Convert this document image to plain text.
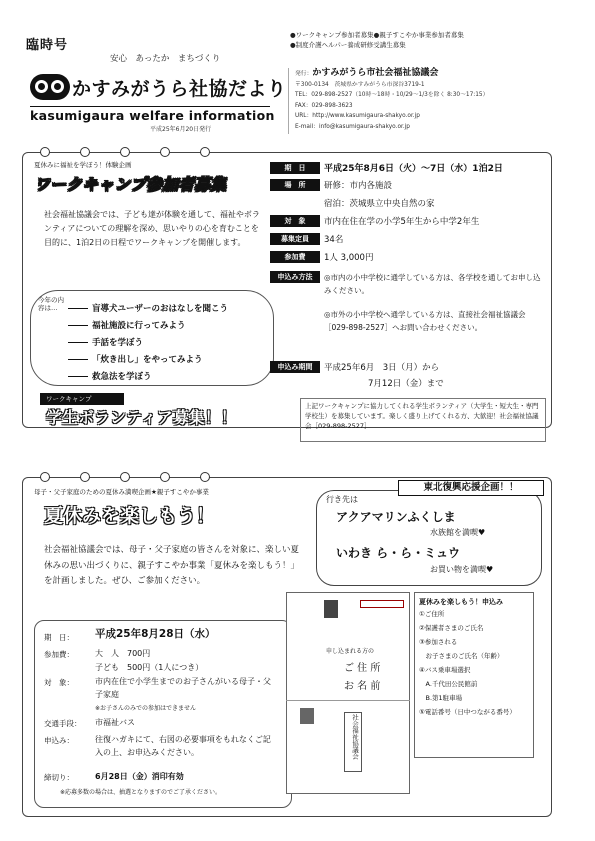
臨時号
安心　あったか　まちづくり
かすみがうら社協だより
kasumigaura welfare information
平成25年6月20日発行
●ワークキャンプ参加者募集●親子すこやか事業参加者募集
●制度介護ヘルパー養成研修受講生募集
発行：かすみがうら市社会福祉協議会
〒300-0134　茨城県かすみがうら市深谷3719-1
TEL：029-898-2527（10時〜18時・10/29〜1/3を除く 8:30〜17:15）
FAX：029-898-3623
URL：http://www.kasumigaura-shakyo.or.jp
E-mail：info@kasumigaura-shakyo.or.jp
夏休みに福祉を学ぼう！体験企画
ワークキャンプ参加者募集
社会福祉協議会では、子ども達が体験を通して、福祉やボランティアについての理解を深め、思いやりの心を育むことを目的に、1泊2日の日程でワークキャンプを開催します。
今年の内容は…	盲導犬ユーザーのおはなしを聞こう
福祉施設に行ってみよう
手話を学ぼう
「炊き出し」をやってみよう
救急法を学ぼう
期　日	平成25年8月6日（火）〜7日（水）1泊2日
場　所	研修：市内各施設
宿泊：茨城県立中央自然の家
対　象	市内在住在学の小学5年生から中学2年生
募集定員	34名
参加費	1人 3,000円
申込み方法	◎市内の小中学校に通学している方は、各学校を通してお申し込みください。
◎市外の小中学校へ通学している方は、直接社会福祉協議会［029-898-2527］へお問い合わせください。
申込み期間	平成25年6月　3日（月）から
7月12日（金）まで
ワークキャンプ
学生ボランティア募集！！
上記ワークキャンプに協力してくれる学生ボランティア（大学生・短大生・専門学校生）を募集しています。楽しく盛り上げてくれる方、大歓迎！社会福祉協議会［029-898-2527］
母子・父子家庭のための夏休み満喫企画★親子すこやか事業
夏休みを楽しもう！
社会福祉協議会では、母子・父子家庭の皆さんを対象に、楽しい夏休みの思い出づくりに、親子すこやか事業「夏休みを楽しもう！」を計画しました。ぜひ、ご参加ください。
東北復興応援企画！！
行き先は
アクアマリンふくしま
水族館を満喫♥
いわき ら・ら・ミュウ
お買い物を満喫♥
期　日： 平成25年8月28日（水）
参加費：	大　人　700円
子ども　500円（1人につき）
対　象：	市内在住で小学生までのお子さんがいる母子・父子家庭
※お子さんのみでの参加はできません
交通手段： 市福祉バス
申込み：	往復ハガキにて、右図の必要事項をもれなくご記入の上、お申込みください。
締切り：	6月28日（金）消印有効
※応募多数の場合は、抽選となりますのでご了承ください。
申し込まれる方の
ご 住 所
お 名 前
社会福祉協議会
夏休みを楽しもう！申込み
①ご住所
②保護者さまのご氏名
③参加される
　お子さまのご氏名（年齢）
④バス乗車場選択
　A.千代田公民館前
　B.第1駐車場
⑤電話番号（日中つながる番号）
